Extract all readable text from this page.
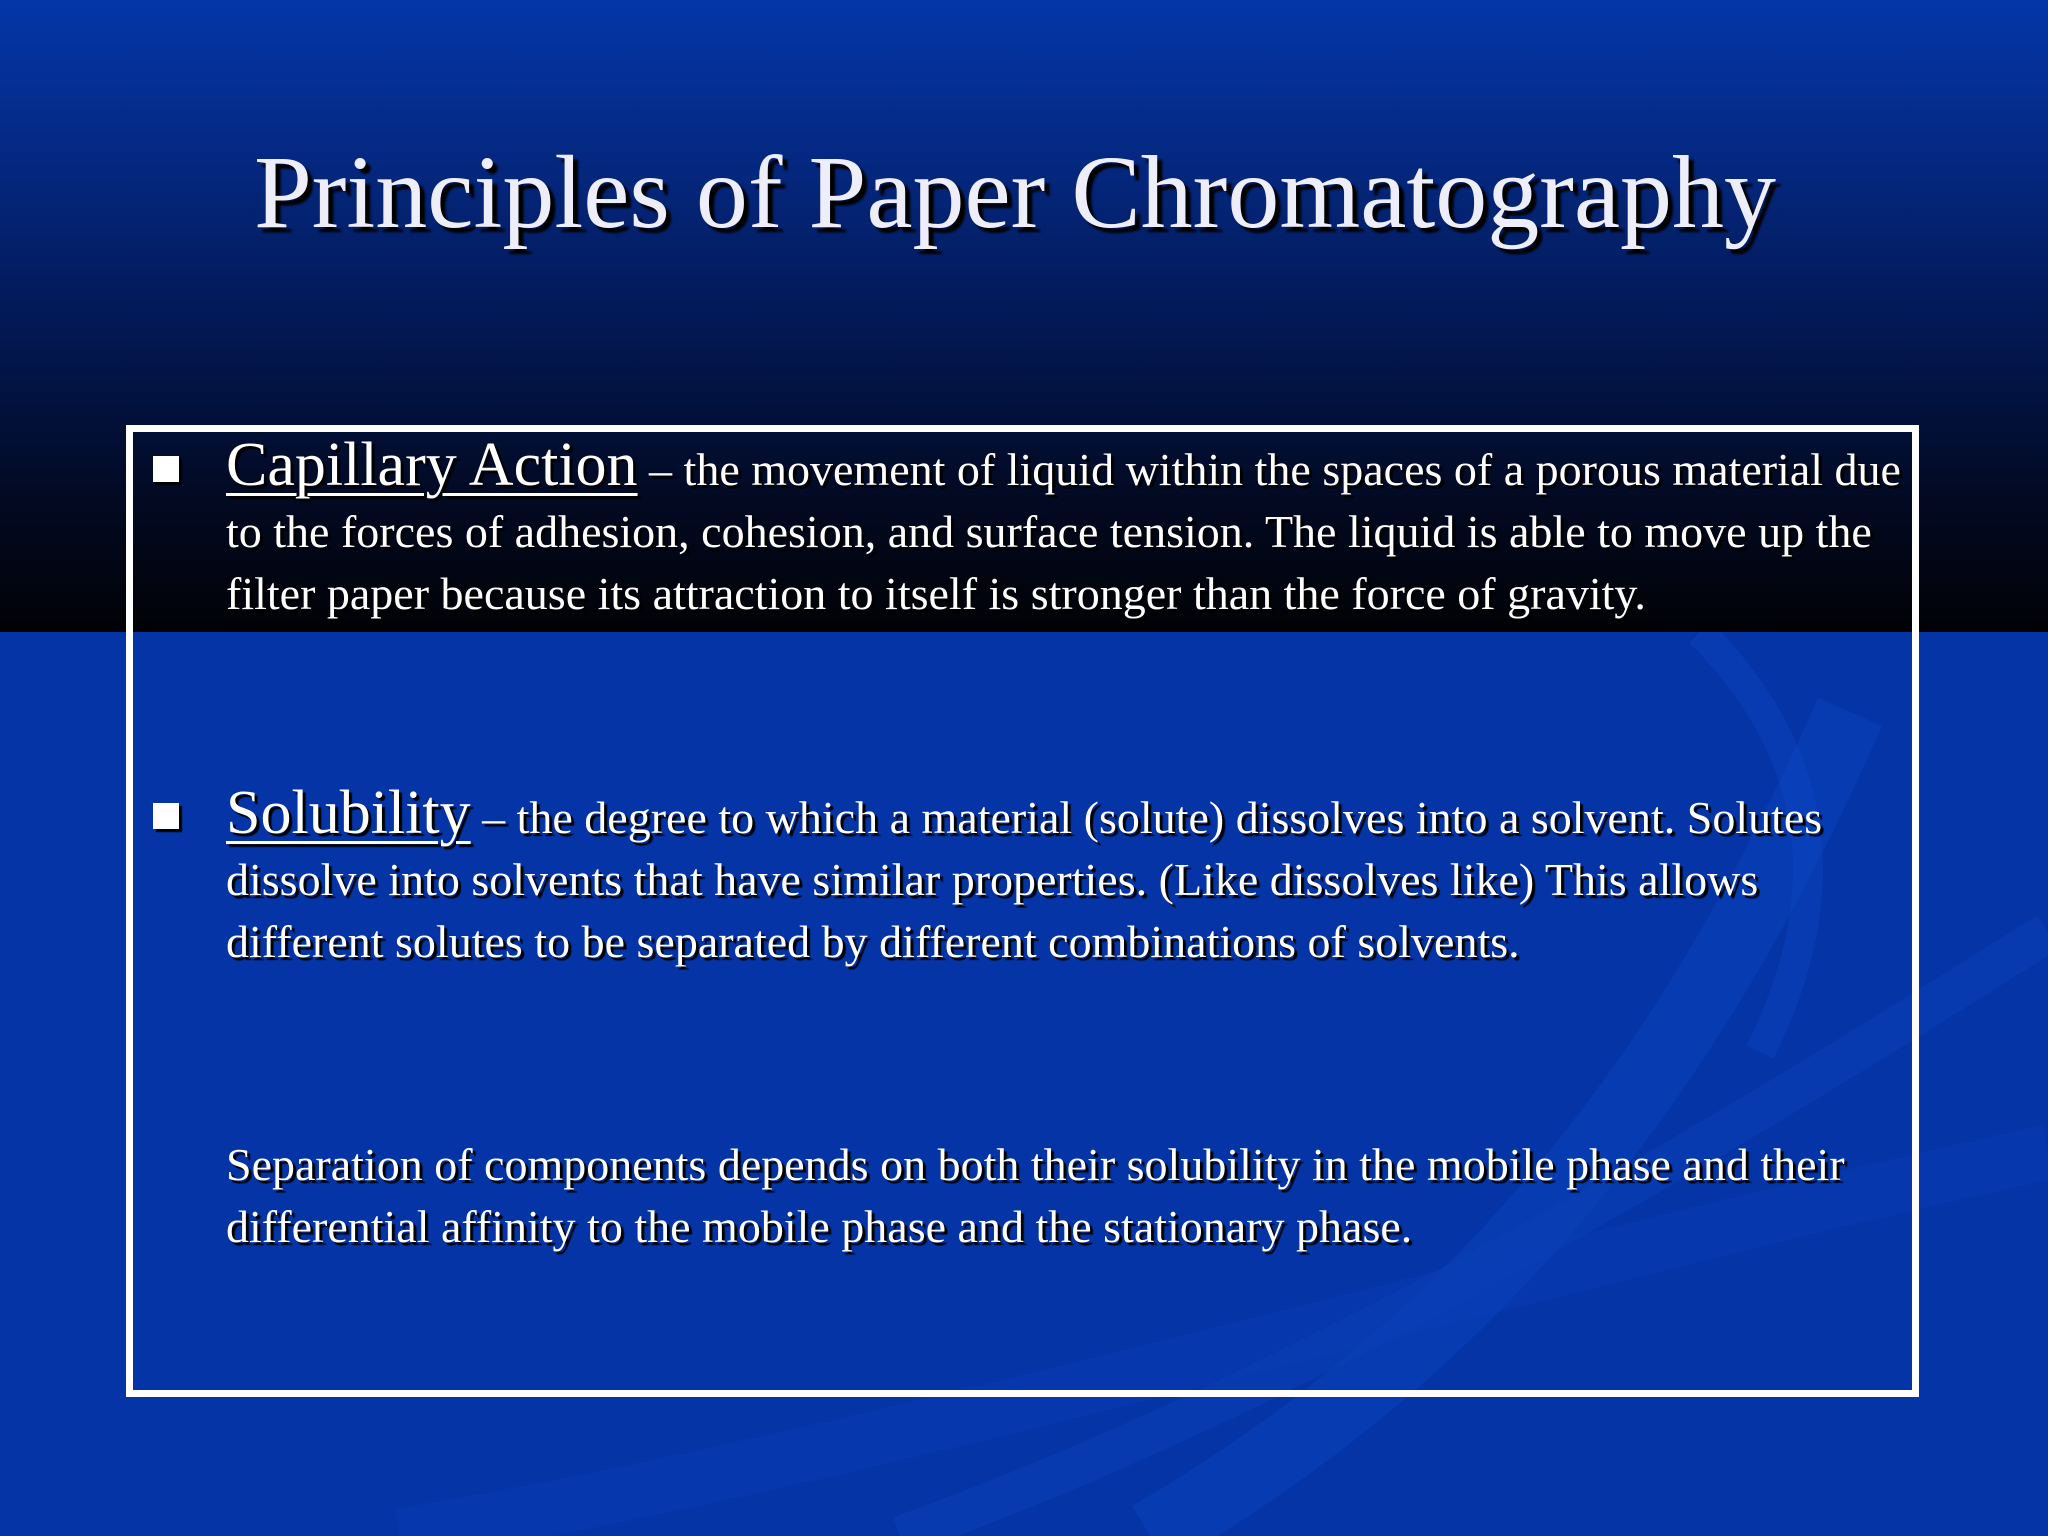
Principles of Paper Chromatography
Capillary Action – the movement of liquid within the spaces of a porous material due to the forces of adhesion, cohesion, and surface tension. The liquid is able to move up the filter paper because its attraction to itself is stronger than the force of gravity.
Solubility – the degree to which a material (solute) dissolves into a solvent. Solutes dissolve into solvents that have similar properties. (Like dissolves like) This allows different solutes to be separated by different combinations of solvents.
Separation of components depends on both their solubility in the mobile phase and their differential affinity to the mobile phase and the stationary phase.
